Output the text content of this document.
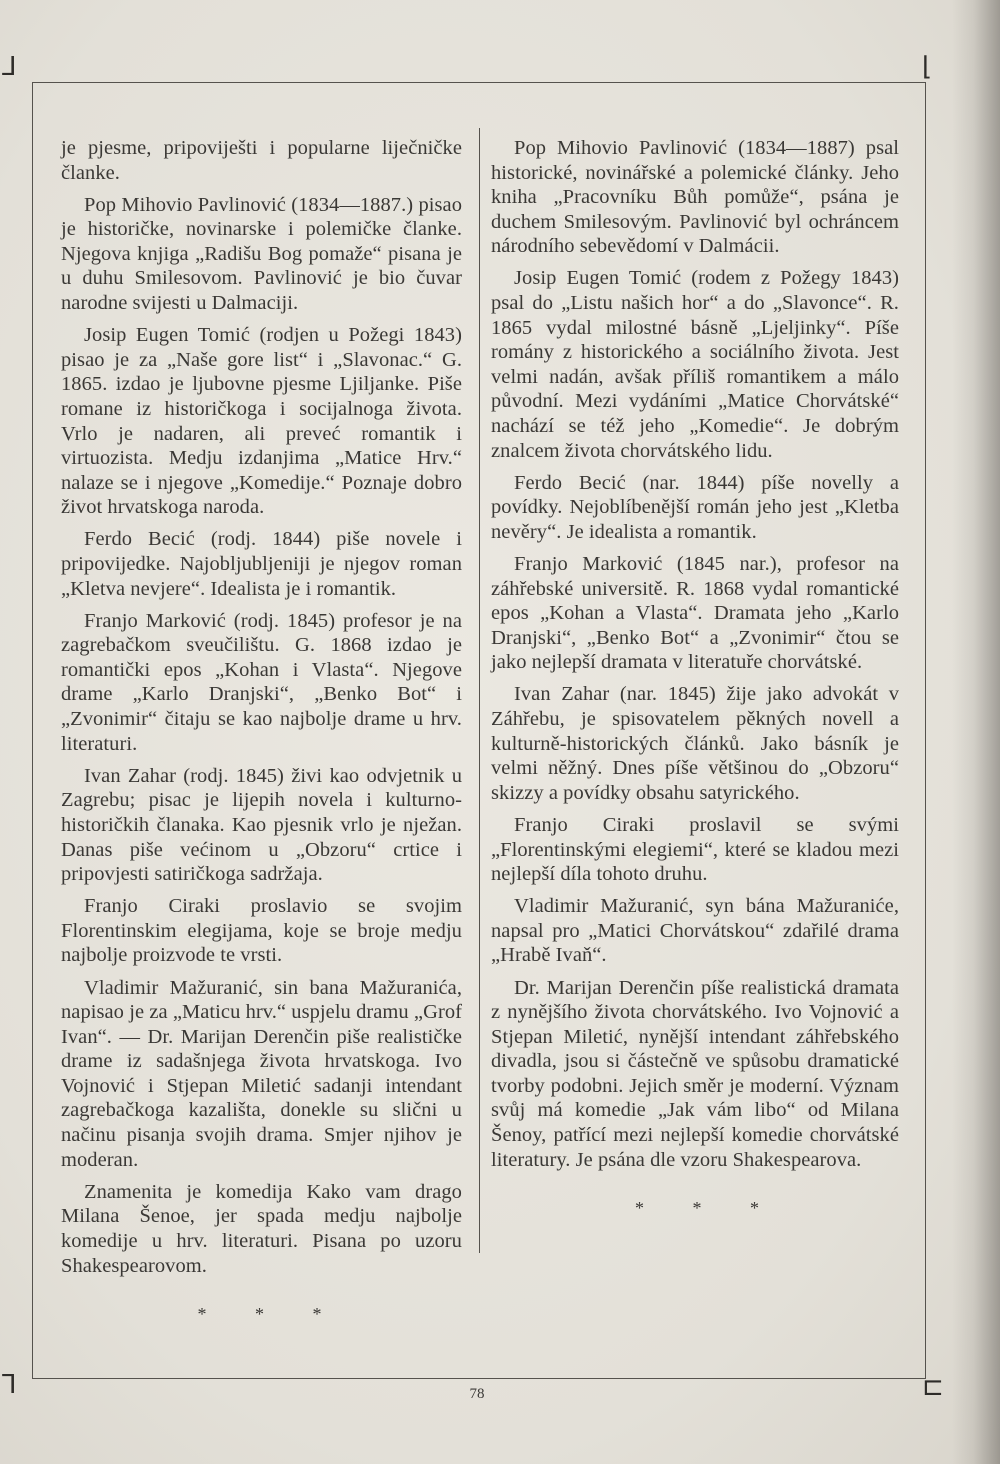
⅃	⌊
⅂	⊏

je pjesme, pripoviješti i popularne liječničke članke.

Pop Mihovio Pavlinović (1834—1887.) pisao je historičke, novinarske i polemičke članke. Njegova knjiga „Radišu Bog pomaže“ pisana je u duhu Smilesovom. Pavlinović je bio čuvar narodne svijesti u Dalmaciji.

Josip Eugen Tomić (rodjen u Požegi 1843) pisao je za „Naše gore list“ i „Slavonac.“ G. 1865. izdao je ljubovne pjesme Ljiljanke. Piše romane iz historičkoga i socijalnoga života. Vrlo je nadaren, ali preveć romantik i virtuozista. Medju izdanjima „Matice Hrv.“ nalaze se i njegove „Komedije.“ Poznaje dobro život hrvatskoga naroda.

Ferdo Becić (rodj. 1844) piše novele i pripovijedke. Najobljubljeniji je njegov roman „Kletva nevjere“. Idealista je i romantik.

Franjo Marković (rodj. 1845) profesor je na zagrebačkom sveučilištu. G. 1868 izdao je romantički epos „Kohan i Vlasta“. Njegove drame „Karlo Dranjski“, „Benko Bot“ i „Zvonimir“ čitaju se kao najbolje drame u hrv. literaturi.

Ivan Zahar (rodj. 1845) živi kao odvjetnik u Zagrebu; pisac je lijepih novela i kulturno-historičkih članaka. Kao pjesnik vrlo je nježan. Danas piše većinom u „Obzoru“ crtice i pripovjesti satiričkoga sadržaja.

Franjo Ciraki proslavio se svojim Florentinskim elegijama, koje se broje medju najbolje proizvode te vrsti.

Vladimir Mažuranić, sin bana Mažuranića, napisao je za „Maticu hrv.“ uspjelu dramu „Grof Ivan“. — Dr. Marijan Derenčin piše realističke drame iz sadašnjega života hrvatskoga. Ivo Vojnović i Stjepan Miletić sadanji intendant zagrebačkoga kazališta, donekle su slični u načinu pisanja svojih drama. Smjer njihov je moderan.

Znamenita je komedija Kako vam drago Milana Šenoe, jer spada medju najbolje komedije u hrv. literaturi. Pisana po uzoru Shakespearovom.

* * *

Pop Mihovio Pavlinović (1834—1887) psal historické, novinářské a polemické články. Jeho kniha „Pracovníku Bůh pomůže“, psána je duchem Smilesovým. Pavlinović byl ochráncem národního sebevědomí v Dalmácii.

Josip Eugen Tomić (rodem z Požegy 1843) psal do „Listu našich hor“ a do „Slavonce“. R. 1865 vydal milostné básně „Ljeljinky“. Píše romány z historického a sociálního života. Jest velmi nadán, avšak příliš romantikem a málo původní. Mezi vydáními „Matice Chorvátské“ nachází se též jeho „Komedie“. Je dobrým znalcem života chorvátského lidu.

Ferdo Becić (nar. 1844) píše novelly a povídky. Nejoblíbenější román jeho jest „Kletba nevěry“. Je idealista a romantik.

Franjo Marković (1845 nar.), profesor na záhřebské universitě. R. 1868 vydal romantické epos „Kohan a Vlasta“. Dramata jeho „Karlo Dranjski“, „Benko Bot“ a „Zvonimir“ čtou se jako nejlepší dramata v literatuře chorvátské.

Ivan Zahar (nar. 1845) žije jako advokát v Záhřebu, je spisovatelem pěkných novell a kulturně-historických článků. Jako básník je velmi něžný. Dnes píše většinou do „Obzoru“ skizzy a povídky obsahu satyrického.

Franjo Ciraki proslavil se svými „Florentinskými elegiemi“, které se kladou mezi nejlepší díla tohoto druhu.

Vladimir Mažuranić, syn bána Mažuraniće, napsal pro „Matici Chorvátskou“ zdařilé drama „Hrabě Ivaň“.

Dr. Marijan Derenčin píše realistická dramata z nynějšího života chorvátského. Ivo Vojnović a Stjepan Miletić, nynější intendant záhřebského divadla, jsou si částečně ve spůsobu dramatické tvorby podobni. Jejich směr je moderní. Význam svůj má komedie „Jak vám libo“ od Milana Šenoy, patřící mezi nejlepší komedie chorvátské literatury. Je psána dle vzoru Shakespearova.

* * *
78
